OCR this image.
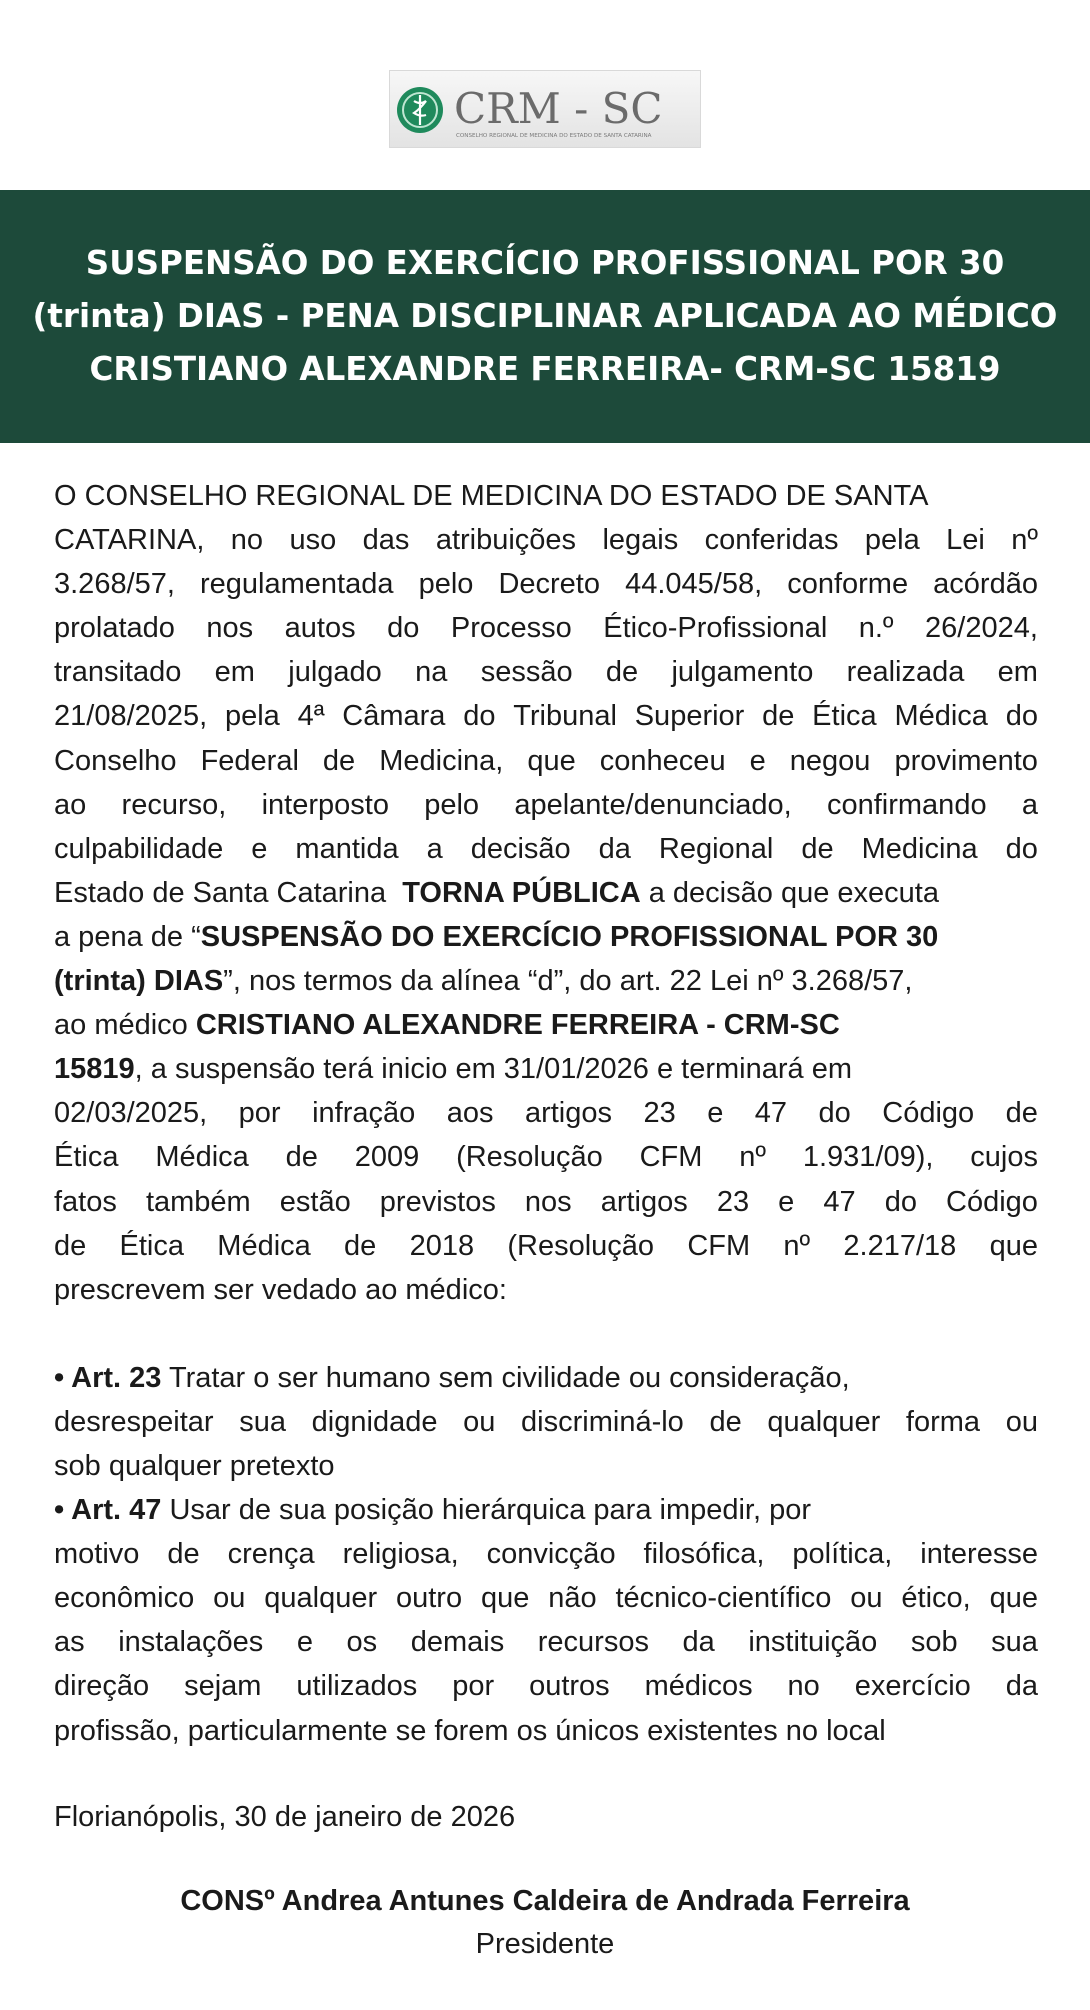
CRM - SC
CONSELHO REGIONAL DE MEDICINA DO ESTADO DE SANTA CATARINA
SUSPENSÃO DO EXERCÍCIO PROFISSIONAL POR 30
(trinta) DIAS - PENA DISCIPLINAR APLICADA AO MÉDICO
CRISTIANO ALEXANDRE FERREIRA- CRM-SC 15819
O CONSELHO REGIONAL DE MEDICINA DO ESTADO DE SANTA
CATARINA, no uso das atribuições legais conferidas pela Lei nº
3.268/57, regulamentada pelo Decreto 44.045/58, conforme acórdão
prolatado nos autos do Processo Ético-Profissional n.º 26/2024,
transitado em julgado na sessão de julgamento realizada em
21/08/2025, pela 4ª Câmara do Tribunal Superior de Ética Médica do
Conselho Federal de Medicina, que conheceu e negou provimento
ao recurso, interposto pelo apelante/denunciado, confirmando a
culpabilidade e mantida a decisão da Regional de Medicina do
Estado de Santa Catarina  TORNA PÚBLICA a decisão que executa
a pena de “SUSPENSÃO DO EXERCÍCIO PROFISSIONAL POR 30
(trinta) DIAS”, nos termos da alínea “d”, do art. 22 Lei nº 3.268/57,
ao médico CRISTIANO ALEXANDRE FERREIRA - CRM-SC
15819, a suspensão terá inicio em 31/01/2026 e terminará em
02/03/2025, por infração aos artigos 23 e 47 do Código de
Ética Médica de 2009 (Resolução CFM nº 1.931/09), cujos
fatos também estão previstos nos artigos 23 e 47 do Código
de Ética Médica de 2018 (Resolução CFM nº 2.217/18 que
prescrevem ser vedado ao médico:
• Art. 23 Tratar o ser humano sem civilidade ou consideração,
desrespeitar sua dignidade ou discriminá-lo de qualquer forma ou
sob qualquer pretexto
• Art. 47 Usar de sua posição hierárquica para impedir, por
motivo de crença religiosa, convicção filosófica, política, interesse
econômico ou qualquer outro que não técnico-científico ou ético, que
as instalações e os demais recursos da instituição sob sua
direção sejam utilizados por outros médicos no exercício da
profissão, particularmente se forem os únicos existentes no local
Florianópolis, 30 de janeiro de 2026
CONSº Andrea Antunes Caldeira de Andrada Ferreira
Presidente
